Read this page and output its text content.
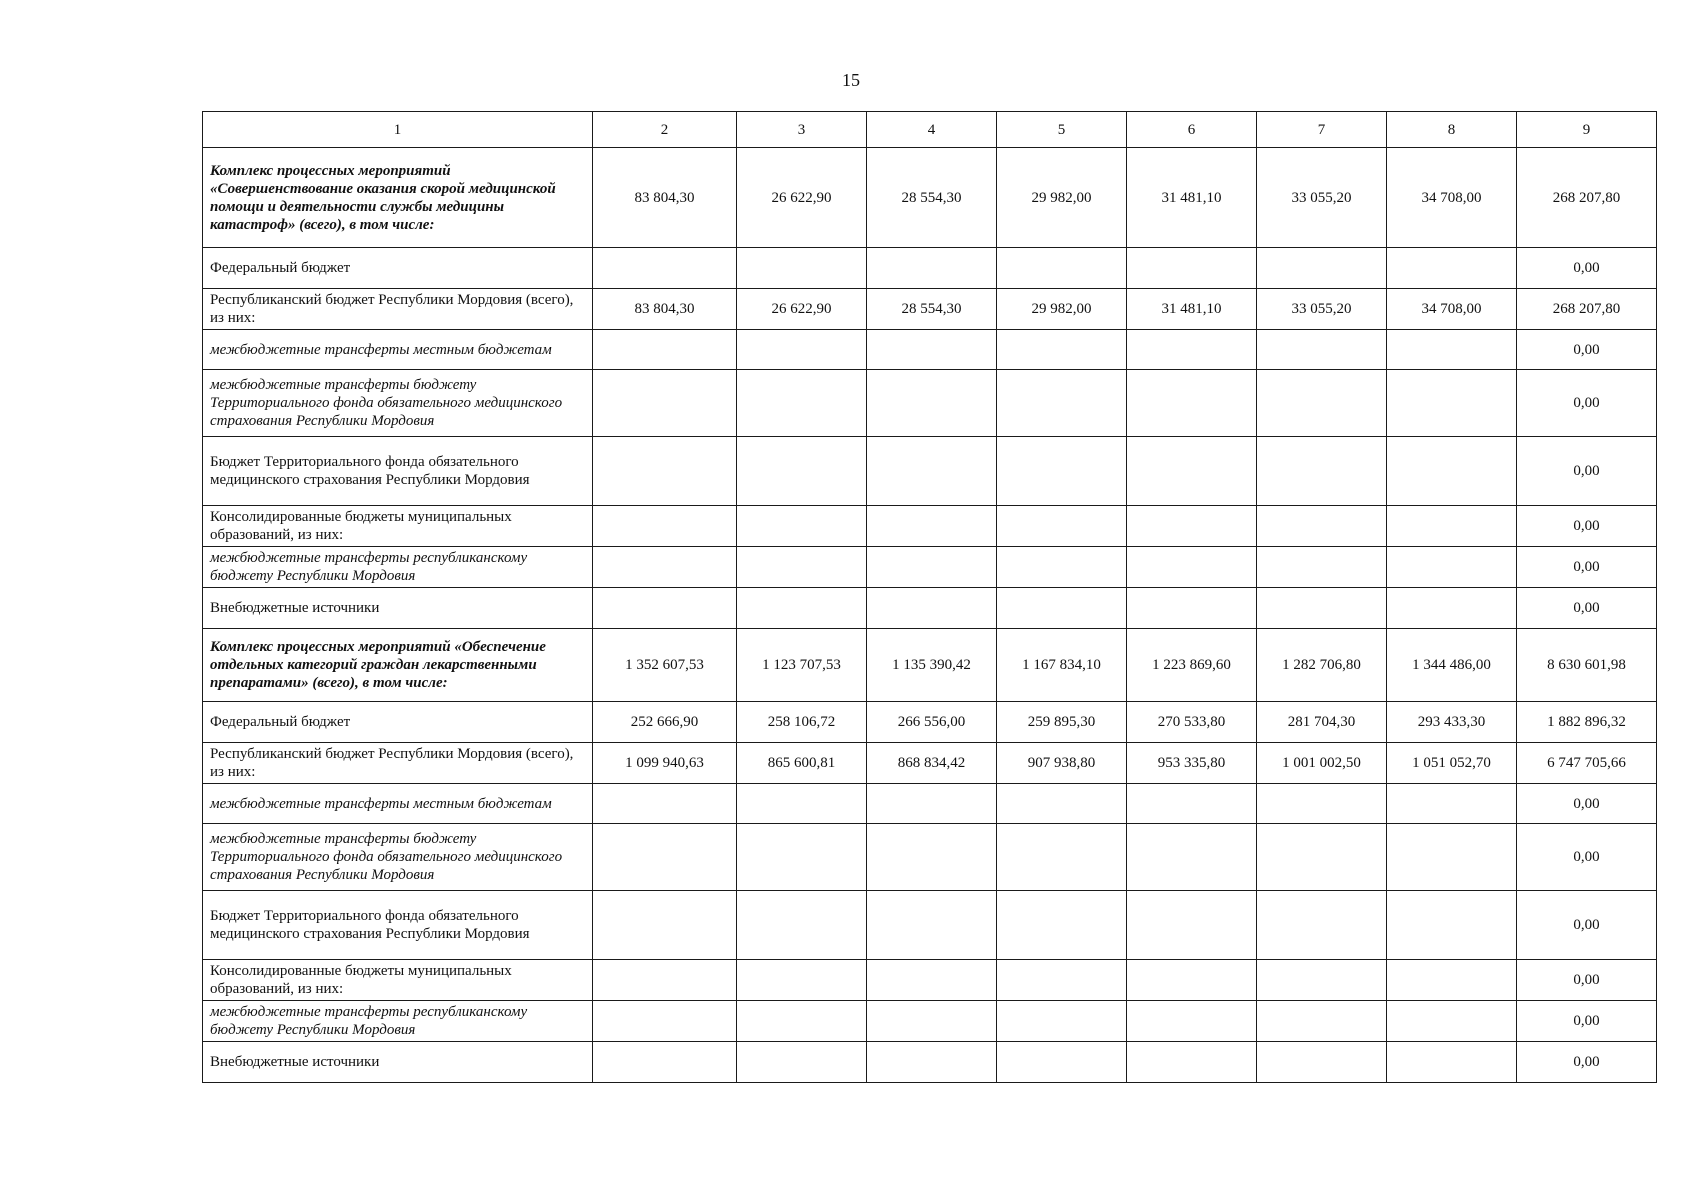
15
1	2	3	4	5	6	7	8	9
Комплекс процессных мероприятий «Совершенствование оказания скорой медицинской помощи и деятельности службы медицины катастроф» (всего), в том числе:	83 804,30	26 622,90	28 554,30	29 982,00	31 481,10	33 055,20	34 708,00	268 207,80
Федеральный бюджет								0,00
Республиканский бюджет Республики Мордовия (всего), из них:	83 804,30	26 622,90	28 554,30	29 982,00	31 481,10	33 055,20	34 708,00	268 207,80
межбюджетные трансферты местным бюджетам								0,00
межбюджетные трансферты бюджету Территориального фонда обязательного медицинского страхования Республики Мордовия								0,00
Бюджет Территориального фонда обязательного медицинского страхования Республики Мордовия								0,00
Консолидированные бюджеты муниципальных образований, из них:								0,00
межбюджетные трансферты республиканскому бюджету Республики Мордовия								0,00
Внебюджетные источники								0,00
Комплекс процессных мероприятий «Обеспечение отдельных категорий граждан лекарственными препаратами» (всего), в том числе:	1 352 607,53	1 123 707,53	1 135 390,42	1 167 834,10	1 223 869,60	1 282 706,80	1 344 486,00	8 630 601,98
Федеральный бюджет	252 666,90	258 106,72	266 556,00	259 895,30	270 533,80	281 704,30	293 433,30	1 882 896,32
Республиканский бюджет Республики Мордовия (всего), из них:	1 099 940,63	865 600,81	868 834,42	907 938,80	953 335,80	1 001 002,50	1 051 052,70	6 747 705,66
межбюджетные трансферты местным бюджетам								0,00
межбюджетные трансферты бюджету Территориального фонда обязательного медицинского страхования Республики Мордовия								0,00
Бюджет Территориального фонда обязательного медицинского страхования Республики Мордовия								0,00
Консолидированные бюджеты муниципальных образований, из них:								0,00
межбюджетные трансферты республиканскому бюджету Республики Мордовия								0,00
Внебюджетные источники								0,00
